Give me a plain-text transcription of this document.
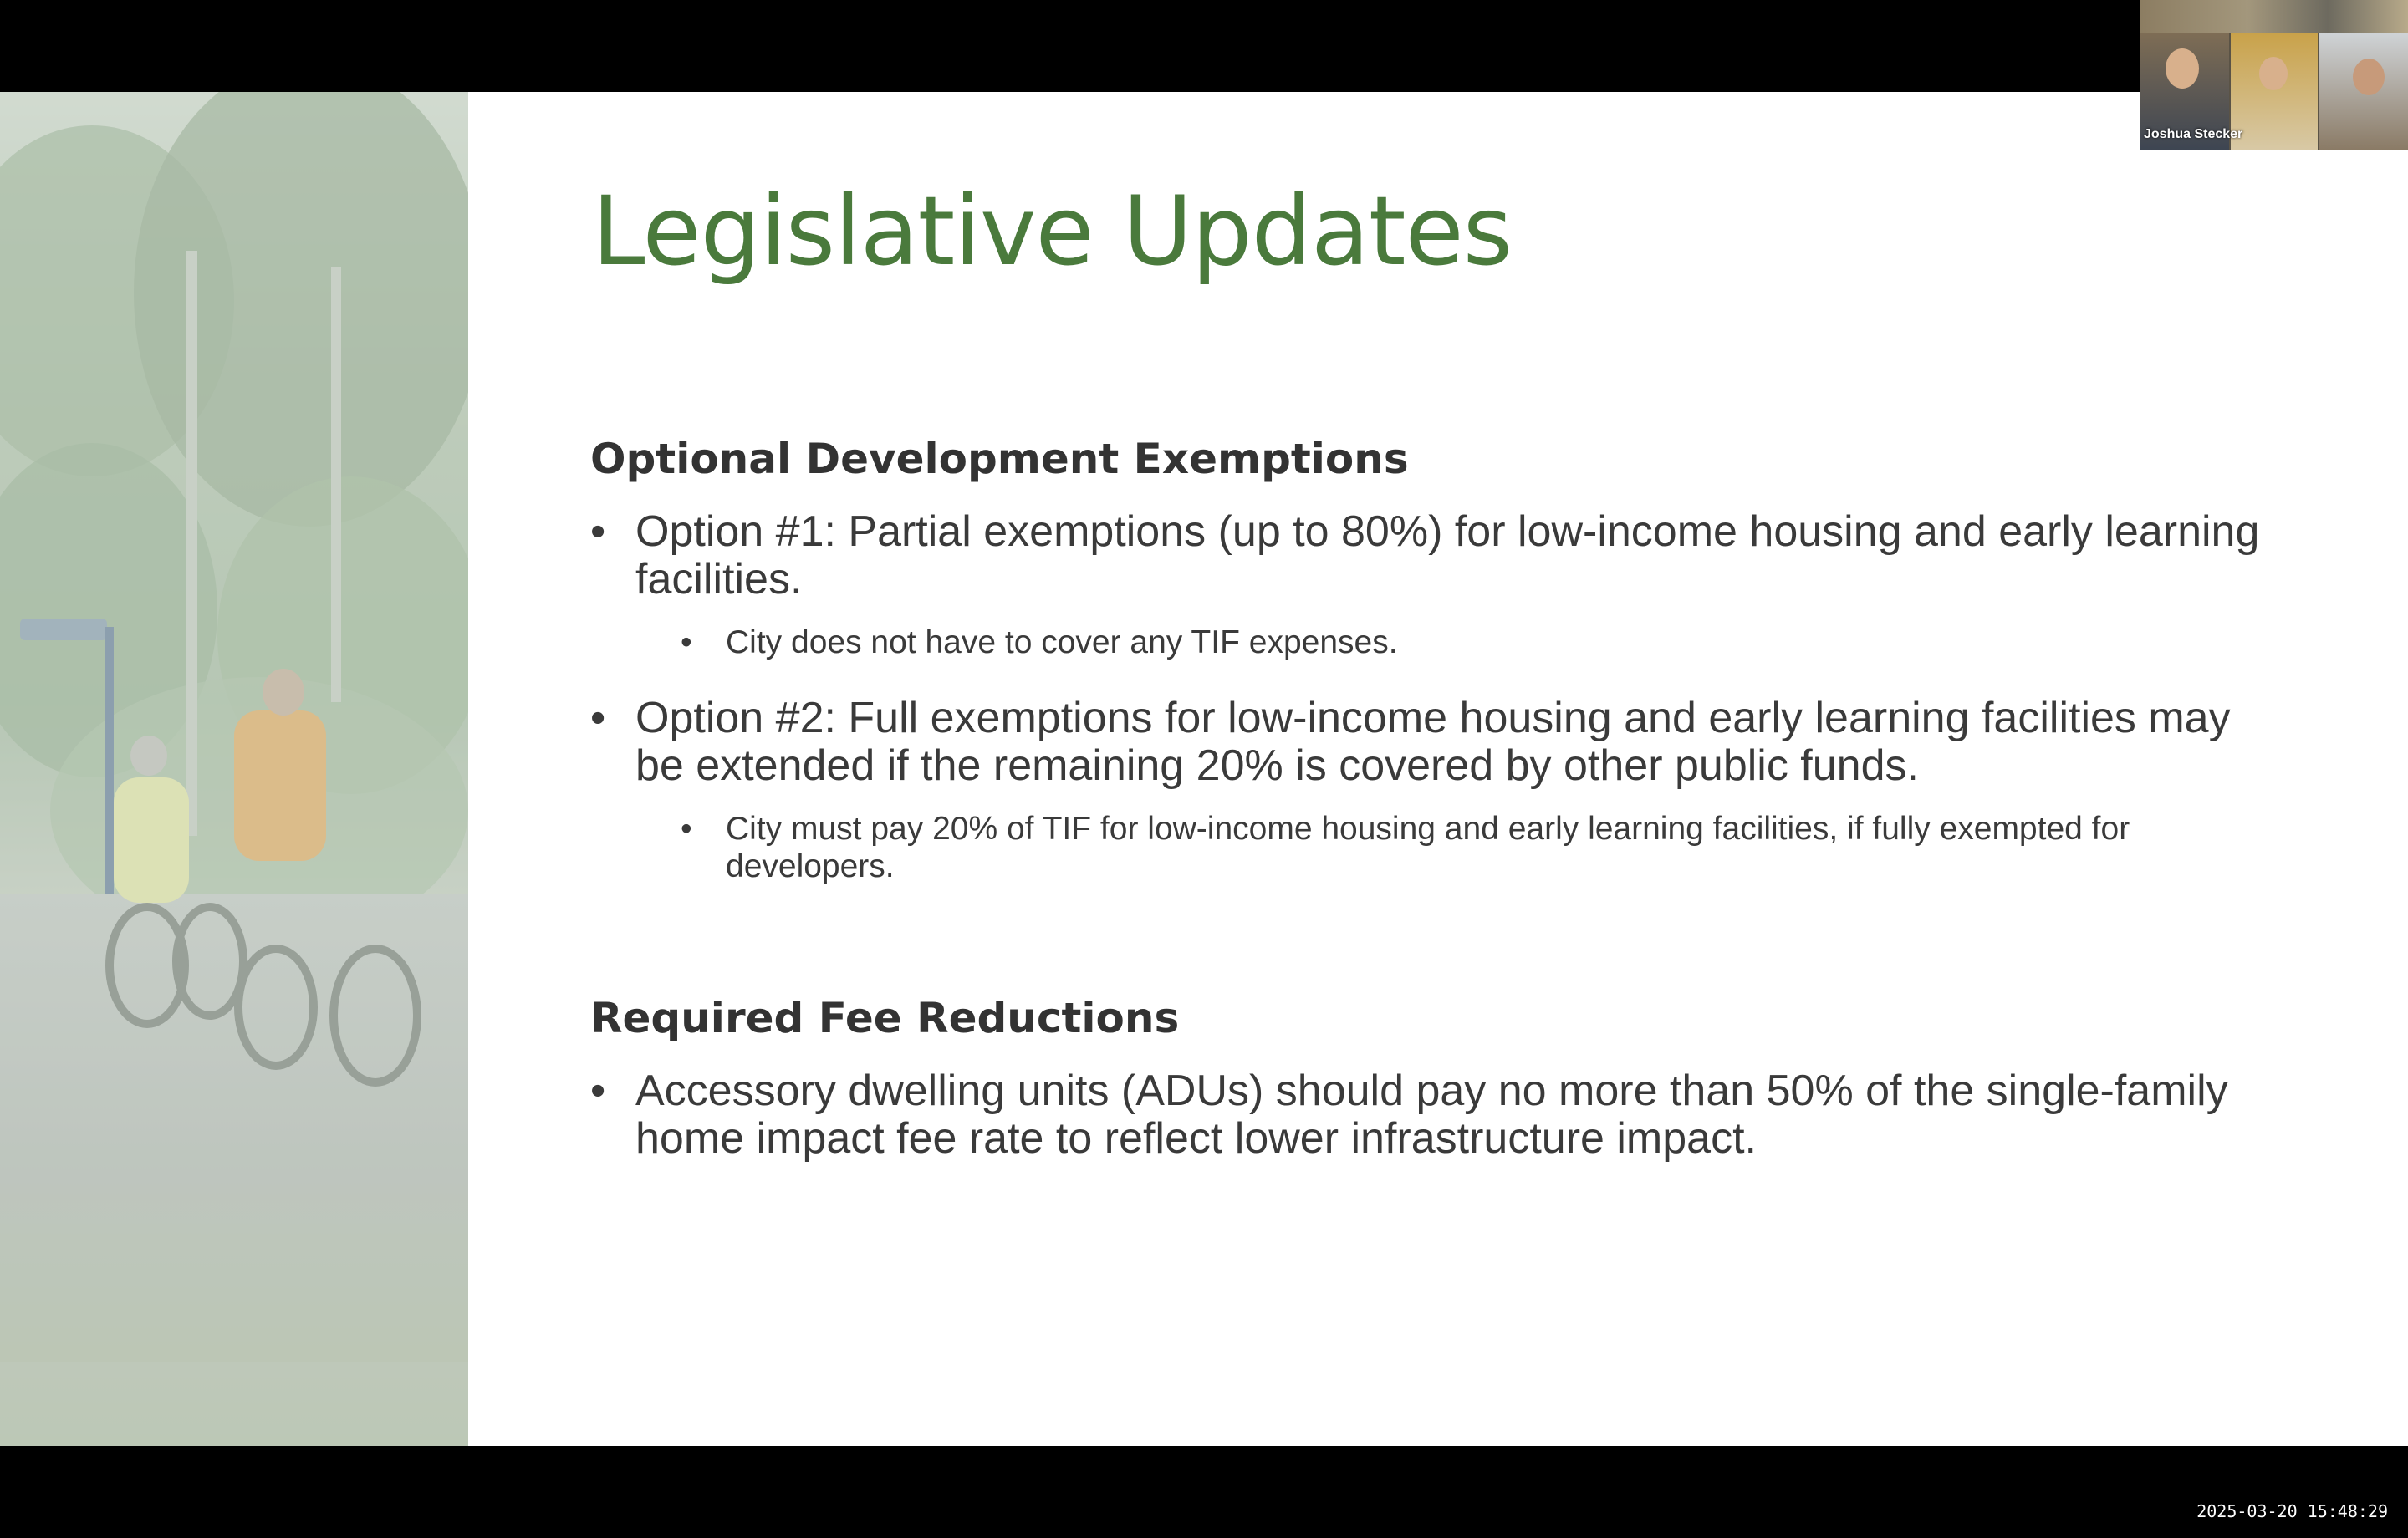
Legislative Updates
Optional Development Exemptions
• Option #1: Partial exemptions (up to 80%) for low-income housing and early learning facilities.
• City does not have to cover any TIF expenses.
• Option #2: Full exemptions for low-income housing and early learning facilities may be extended if the remaining 20% is covered by other public funds.
• City must pay 20% of TIF for low-income housing and early learning facilities, if fully exempted for developers.
Required Fee Reductions
• Accessory dwelling units (ADUs) should pay no more than 50% of the single-family home impact fee rate to reflect lower infrastructure impact.
Joshua Stecker
2025-03-20 15:48:29
